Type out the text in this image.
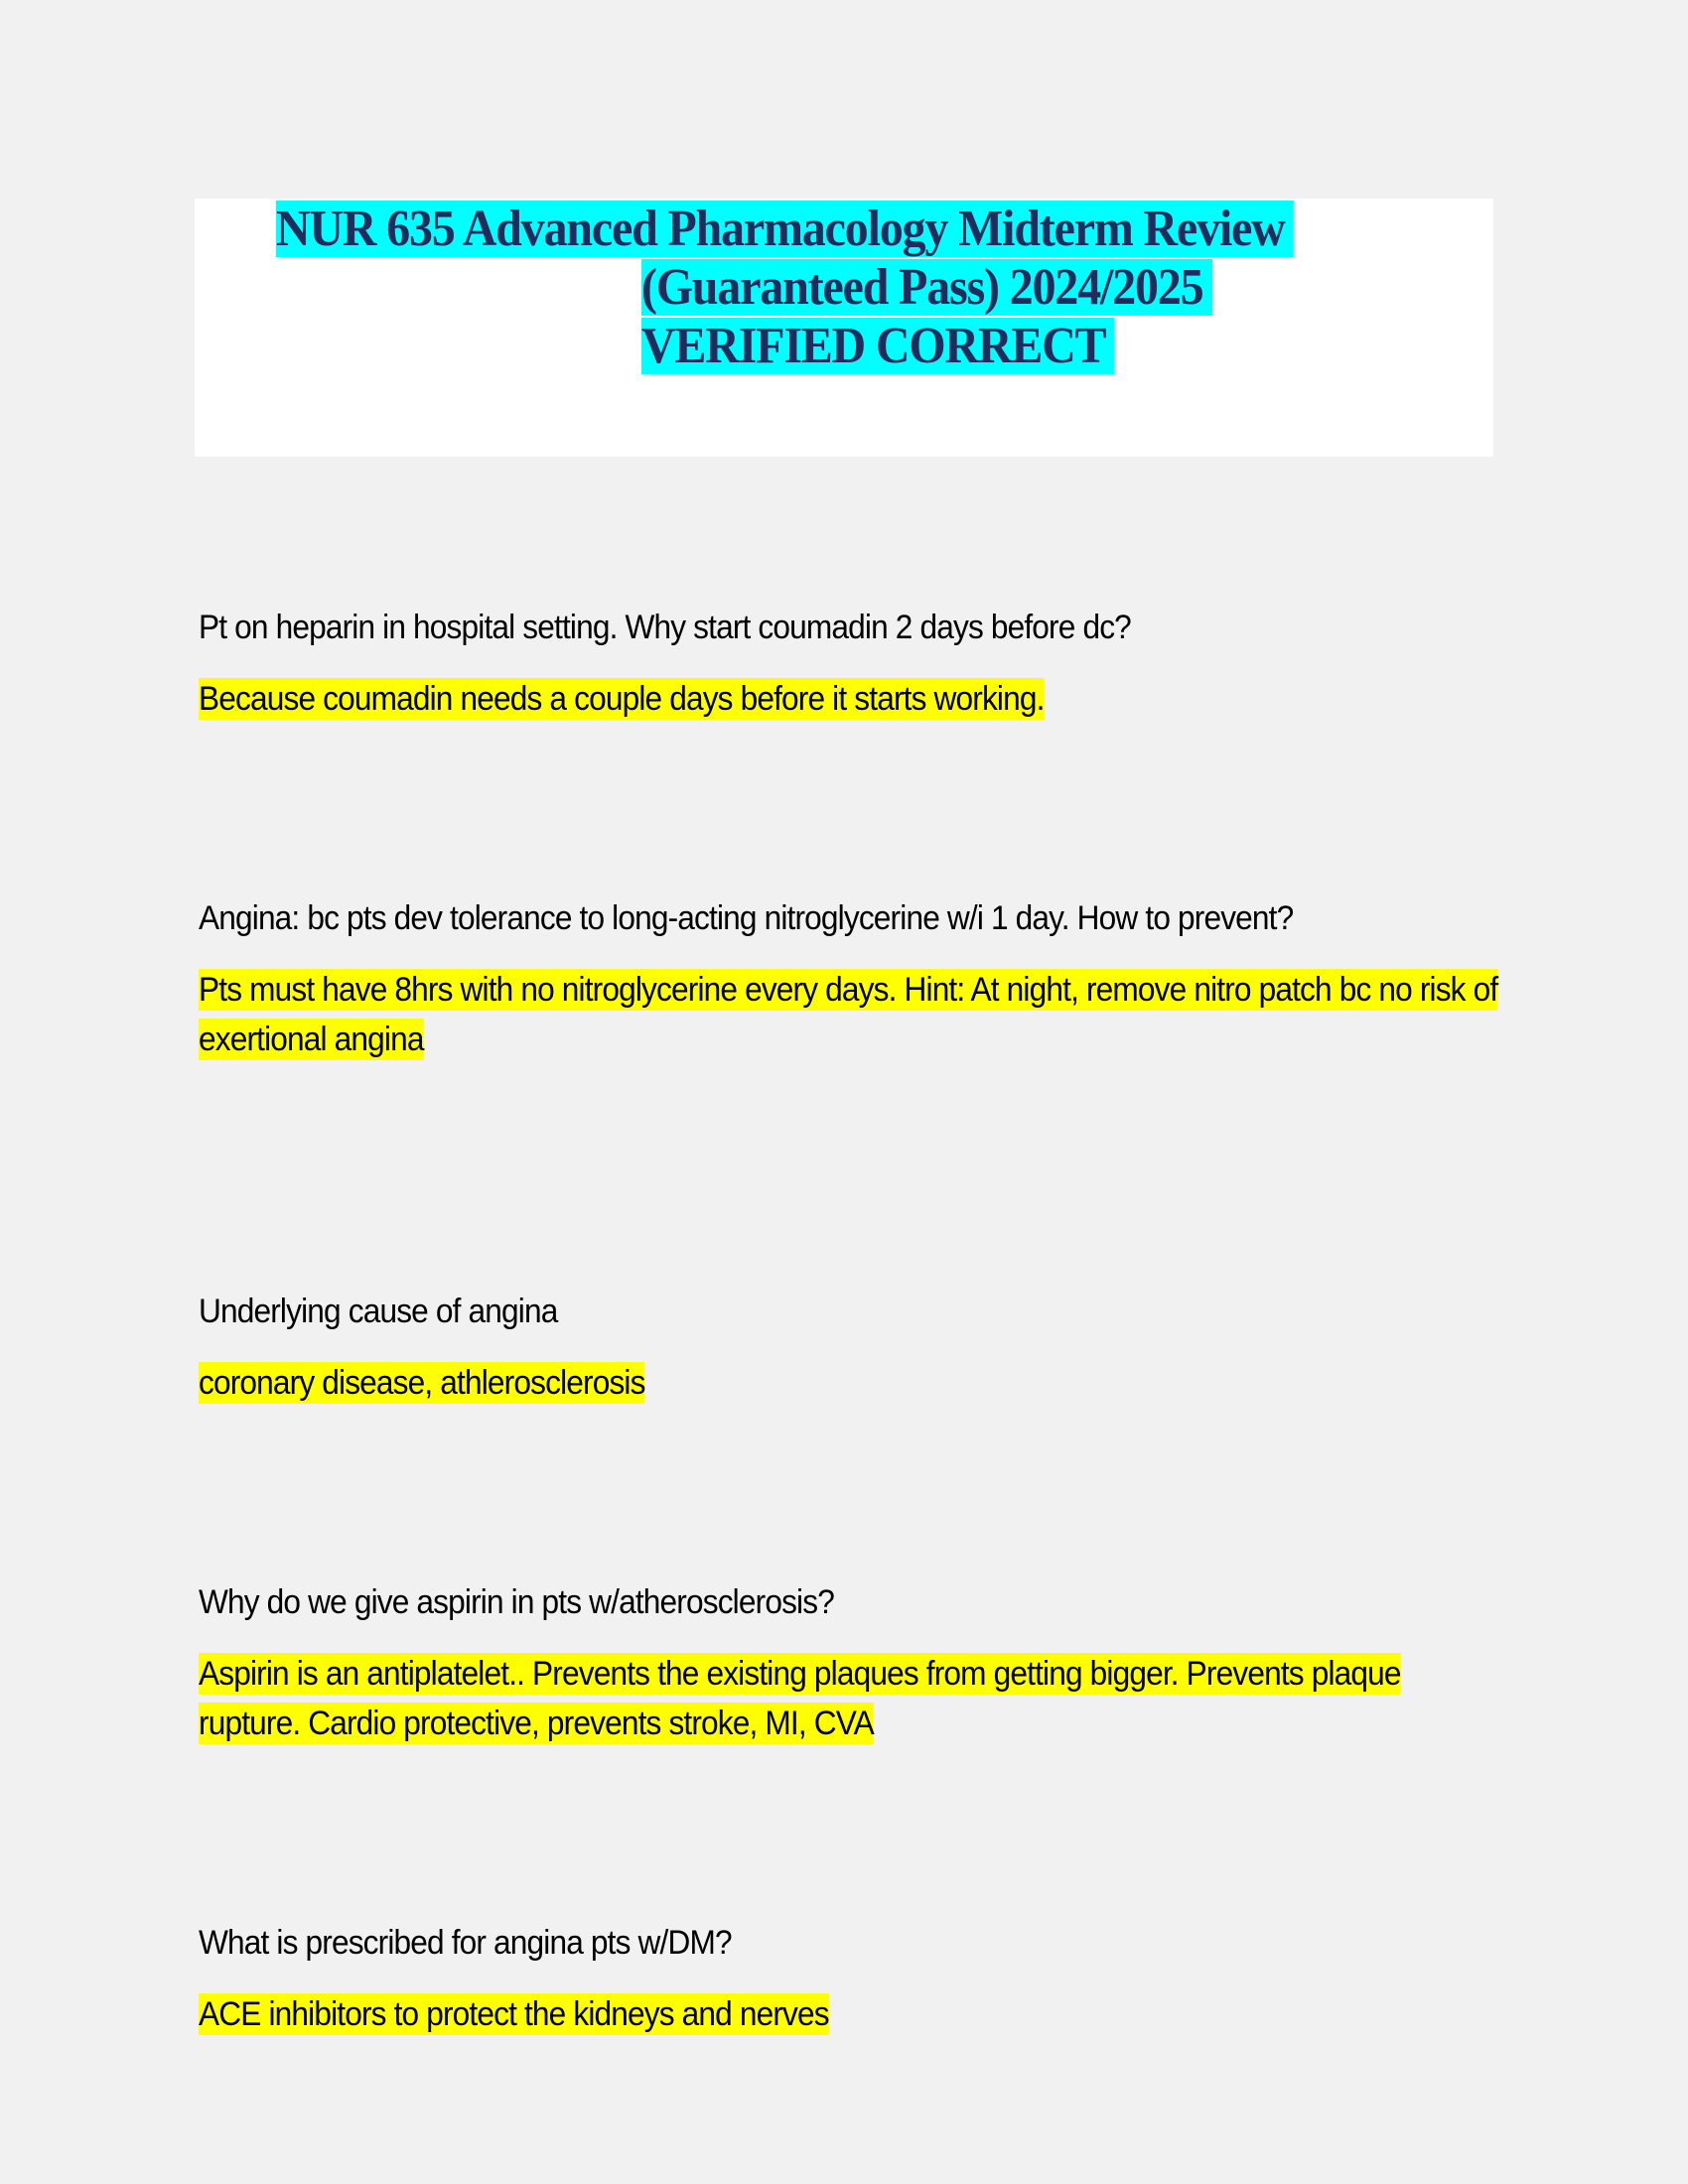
NUR 635 Advanced Pharmacology Midterm Review
(Guaranteed Pass) 2024/2025
VERIFIED CORRECT

Pt on heparin in hospital setting. Why start coumadin 2 days before dc?

Because coumadin needs a couple days before it starts working.

Angina: bc pts dev tolerance to long-acting nitroglycerine w/i 1 day. How to prevent?

Pts must have 8hrs with no nitroglycerine every days. Hint: At night, remove nitro patch bc no risk of exertional angina

Underlying cause of angina

coronary disease, athlerosclerosis

Why do we give aspirin in pts w/atherosclerosis?

Aspirin is an antiplatelet.. Prevents the existing plaques from getting bigger. Prevents plaque rupture. Cardio protective, prevents stroke, MI, CVA

What is prescribed for angina pts w/DM?

ACE inhibitors to protect the kidneys and nerves
